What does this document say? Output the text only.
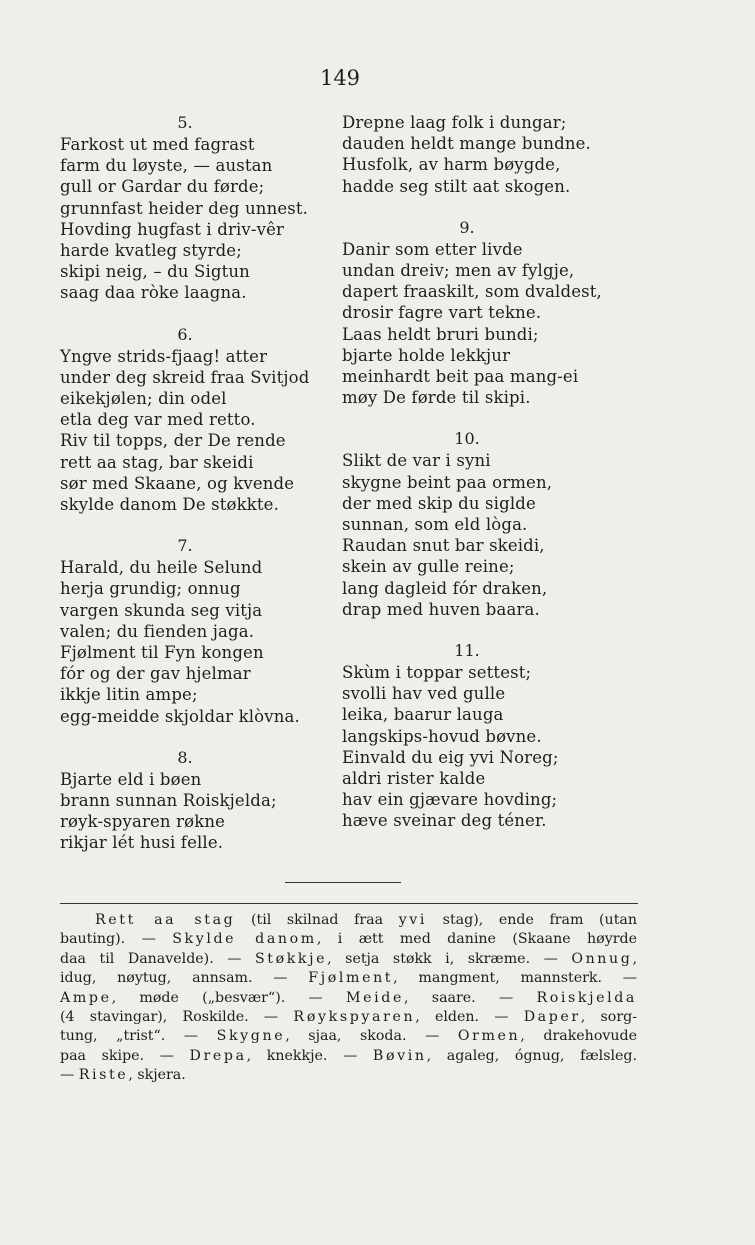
149
5.
Farkost ut med fagrast
farm du løyste, — austan
gull or Gardar du førde;
grunnfast heider deg unnest.
Hovding hugfast i driv-vêr
harde kvatleg styrde;
skipi neig, – du Sigtun
saag daa ròke laagna.
6.
Yngve strids-fjaag! atter
under deg skreid fraa Svitjod
eikekjølen; din odel
etla deg var med retto.
Riv til topps, der De rende
rett aa stag, bar skeidi
sør med Skaane, og kvende
skylde danom De støkkte.
7.
Harald, du heile Selund
herja grundig; onnug
vargen skunda seg vitja
valen; du fienden jaga.
Fjølment til Fyn kongen
fór og der gav hjelmar
ikkje litin ampe;
egg-meidde skjoldar klòvna.
8.
Bjarte eld i bøen
brann sunnan Roiskjelda;
røyk-spyaren røkne
rikjar lét husi felle.
Drepne laag folk i dungar;
dauden heldt mange bundne.
Husfolk, av harm bøygde,
hadde seg stilt aat skogen.
9.
Danir som etter livde
undan dreiv; men av fylgje,
dapert fraaskilt, som dvaldest,
drosir fagre vart tekne.
Laas heldt bruri bundi;
bjarte holde lekkjur
meinhardt beit paa mang-ei
møy De førde til skipi.
10.
Slikt de var i syni
skygne beint paa ormen,
der med skip du siglde
sunnan, som eld lòga.
Raudan snut bar skeidi,
skein av gulle reine;
lang dagleid fór draken,
drap med huven baara.
11.
Skùm i toppar settest;
svolli hav ved gulle
leika, baarur lauga
langskips-hovud bøvne.
Einvald du eig yvi Noreg;
aldri rister kalde
hav ein gjævare hovding;
hæve sveinar deg téner.
Rett aa stag (til skilnad fraa yvi stag), ende fram (utan
bauting). — Skylde danom, i ætt med danine (Skaane høyrde
daa til Danavelde). — Støkkje, setja støkk i, skræme. — Onnug,
idug, nøytug, annsam. — Fjølment, mangment, mannsterk. —
Ampe, møde („besvær“). — Meide, saare. — Roiskjelda
(4 stavingar), Roskilde. — Røykspyaren, elden. — Daper, sorg-
tung, „trist“. — Skygne, sjaa, skoda. — Ormen, drakehovude
paa skipe. — Drepa, knekkje. — Bøvin, agaleg, ógnug, fælsleg.
— Riste, skjera.
